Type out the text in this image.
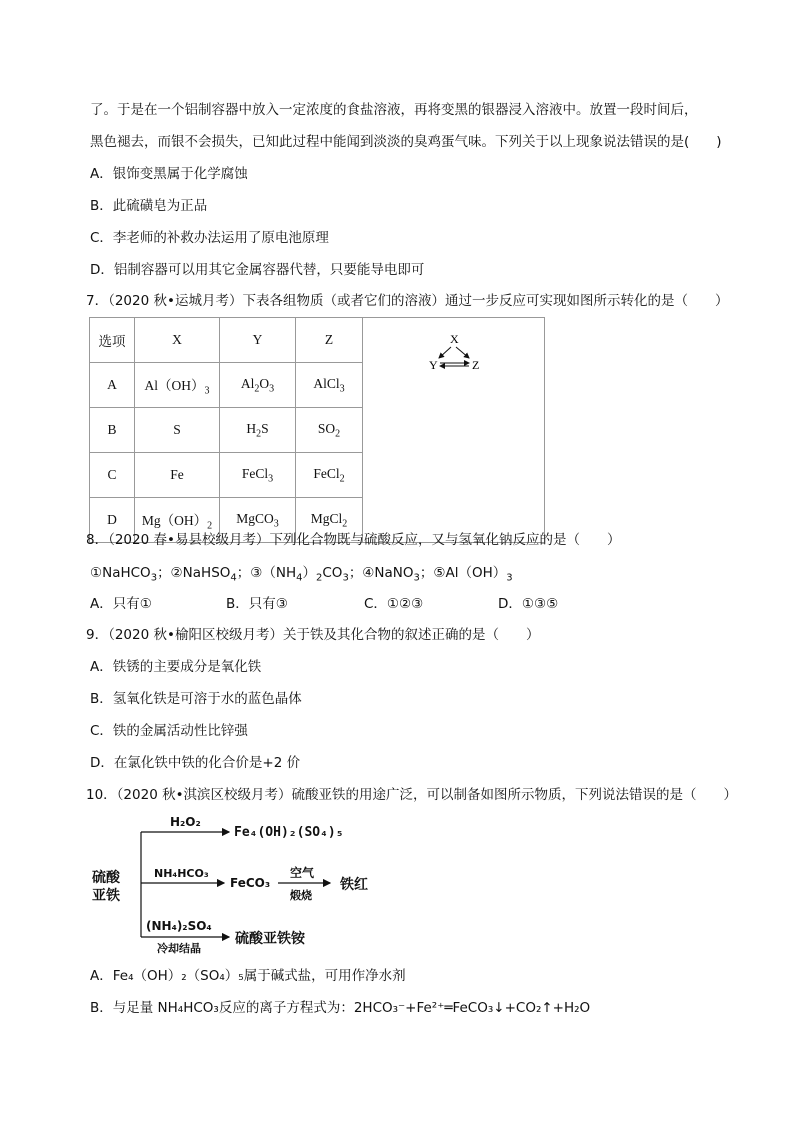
了。于是在一个铝制容器中放入一定浓度的食盐溶液，再将变黑的银器浸入溶液中。放置一段时间后，
黑色褪去，而银不会损失，已知此过程中能闻到淡淡的臭鸡蛋气味。下列关于以上现象说法错误的是(　　)
A．银饰变黑属于化学腐蚀
B．此硫磺皂为正品
C．李老师的补救办法运用了原电池原理
D．铝制容器可以用其它金属容器代替，只要能导电即可
7．（2020 秋•运城月考）下表各组物质（或者它们的溶液）通过一步反应可实现如图所示转化的是（　　）
选项	X	Y	Z	X
Y Z

A	$Al(OH)_3$	$Al_2O_3$	AlCl$_3$
B	S	$H_2S$	$SO_2$
C	Fe	FeCl$_3$	FeCl$_2$
D	$Mg(OH)_2$	MgCO$_3$	MgCl$_2$
8．（2020 春•易县校级月考）下列化合物既与硫酸反应，又与氢氧化钠反应的是（　　）
①NaHCO$_3$；②NaHSO$_4$；$③(NH_4)_2CO_3$；④NaNO$_3$；$⑤Al(OH)_3$
A．只有①	B．只有③	C．①②③	D．①③⑤
9．（2020 秋•榆阳区校级月考）关于铁及其化合物的叙述正确的是（　　）
A．铁锈的主要成分是氧化铁
B．氢氧化铁是可溶于水的蓝色晶体
C．铁的金属活动性比锌强
D．在氯化铁中铁的化合价是+2 价
10．（2020 秋•淇滨区校级月考）硫酸亚铁的用途广泛，可以制备如图所示物质，下列说法错误的是（　　）
硫酸
亚铁
H₂O₂
Fe₄(OH)₂(SO₄)₅
NH₄HCO₃
FeCO₃
空气
煅烧
铁红
(NH₄)₂SO₄
冷却结晶
硫酸亚铁铵
A．Fe₄（OH）₂（SO₄）₅属于碱式盐，可用作净水剂
B．与足量 NH₄HCO₃反应的离子方程式为：2HCO₃⁻+Fe²⁺═FeCO₃↓+CO₂↑+H₂O
